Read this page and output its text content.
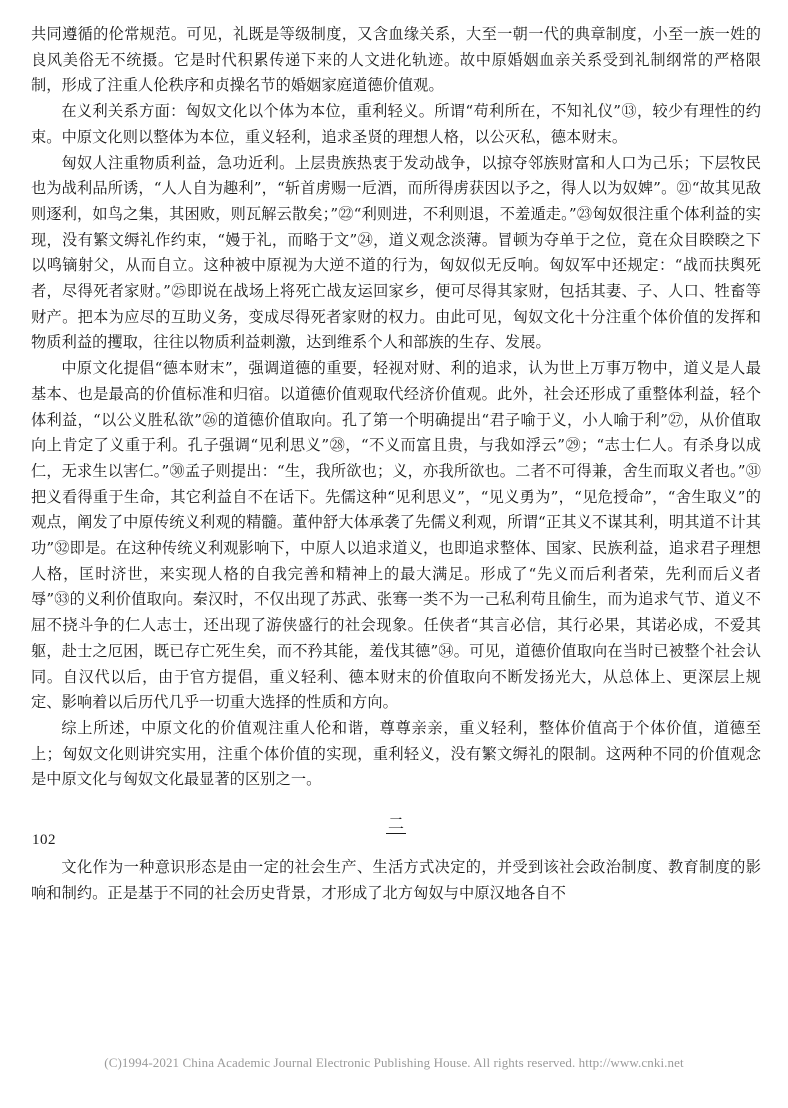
共同遵循的伦常规范。可见，礼既是等级制度，又含血缘关系，大至一朝一代的典章制度，小至一族一姓的良风美俗无不统摄。它是时代积累传递下来的人文进化轨迹。故中原婚姻血亲关系受到礼制纲常的严格限制，形成了注重人伦秩序和贞操名节的婚姻家庭道德价值观。

在义利关系方面：匈奴文化以个体为本位，重利轻义。所谓“苟利所在，不知礼仪”⑬，较少有理性的约束。中原文化则以整体为本位，重义轻利，追求圣贤的理想人格，以公灭私，德本财末。

匈奴人注重物质利益，急功近利。上层贵族热衷于发动战争，以掠夺邻族财富和人口为己乐；下层牧民也为战利品所诱，“人人自为趣利”，“斩首虏赐一卮酒，而所得虏获因以予之，得人以为奴婢”。㉑“故其见敌则逐利，如鸟之集，其困败，则瓦解云散矣；”㉒“利则进，不利则退，不羞遁走。”㉓匈奴很注重个体利益的实现，没有繁文缛礼作约束，“嫚于礼，而略于文”㉔，道义观念淡薄。冒顿为夺单于之位，竟在众目睽睽之下以鸣镝射父，从而自立。这种被中原视为大逆不道的行为，匈奴似无反响。匈奴军中还规定：“战而扶舆死者，尽得死者家财。”㉕即说在战场上将死亡战友运回家乡，便可尽得其家财，包括其妻、子、人口、牲畜等财产。把本为应尽的互助义务，变成尽得死者家财的权力。由此可见，匈奴文化十分注重个体价值的发挥和物质利益的攫取，往往以物质利益刺激，达到维系个人和部族的生存、发展。

中原文化提倡“德本财末”，强调道德的重要，轻视对财、利的追求，认为世上万事万物中，道义是人最基本、也是最高的价值标准和归宿。以道德价值观取代经济价值观。此外，社会还形成了重整体利益，轻个体利益，“以公义胜私欲”㉖的道德价值取向。孔了第一个明确提出“君子喻于义，小人喻于利”㉗，从价值取向上肯定了义重于利。孔子强调“见利思义”㉘，“不义而富且贵，与我如浮云”㉙；“志士仁人。有杀身以成仁，无求生以害仁。”㉚孟子则提出：“生，我所欲也；义，亦我所欲也。二者不可得兼，舍生而取义者也。”㉛把义看得重于生命，其它利益自不在话下。先儒这种“见利思义”，“见义勇为”，“见危授命”，“舍生取义”的观点，阐发了中原传统义利观的精髓。董仲舒大体承袭了先儒义利观，所谓“正其义不谋其利，明其道不计其功”㉜即是。在这种传统义利观影响下，中原人以追求道义，也即追求整体、国家、民族利益，追求君子理想人格，匡时济世，来实现人格的自我完善和精神上的最大满足。形成了“先义而后利者荣，先利而后义者辱”㉝的义利价值取向。秦汉时，不仅出现了苏武、张骞一类不为一己私利苟且偷生，而为追求气节、道义不屈不挠斗争的仁人志士，还出现了游侠盛行的社会现象。任侠者“其言必信，其行必果，其诺必成，不爱其躯，赴士之厄困，既已存亡死生矣，而不矜其能，羞伐其德”㉞。可见，道德价值取向在当时已被整个社会认同。自汉代以后，由于官方提倡，重义轻利、德本财末的价值取向不断发扬光大，从总体上、更深层上规定、影响着以后历代几乎一切重大选择的性质和方向。

综上所述，中原文化的价值观注重人伦和谐，尊尊亲亲，重义轻利，整体价值高于个体价值，道德至上；匈奴文化则讲究实用，注重个体价值的实现，重利轻义，没有繁文缛礼的限制。这两种不同的价值观念是中原文化与匈奴文化最显著的区别之一。

二

文化作为一种意识形态是由一定的社会生产、生活方式决定的，并受到该社会政治制度、教育制度的影响和制约。正是基于不同的社会历史背景，才形成了北方匈奴与中原汉地各自不

102
(C)1994-2021 China Academic Journal Electronic Publishing House. All rights reserved. http://www.cnki.net
